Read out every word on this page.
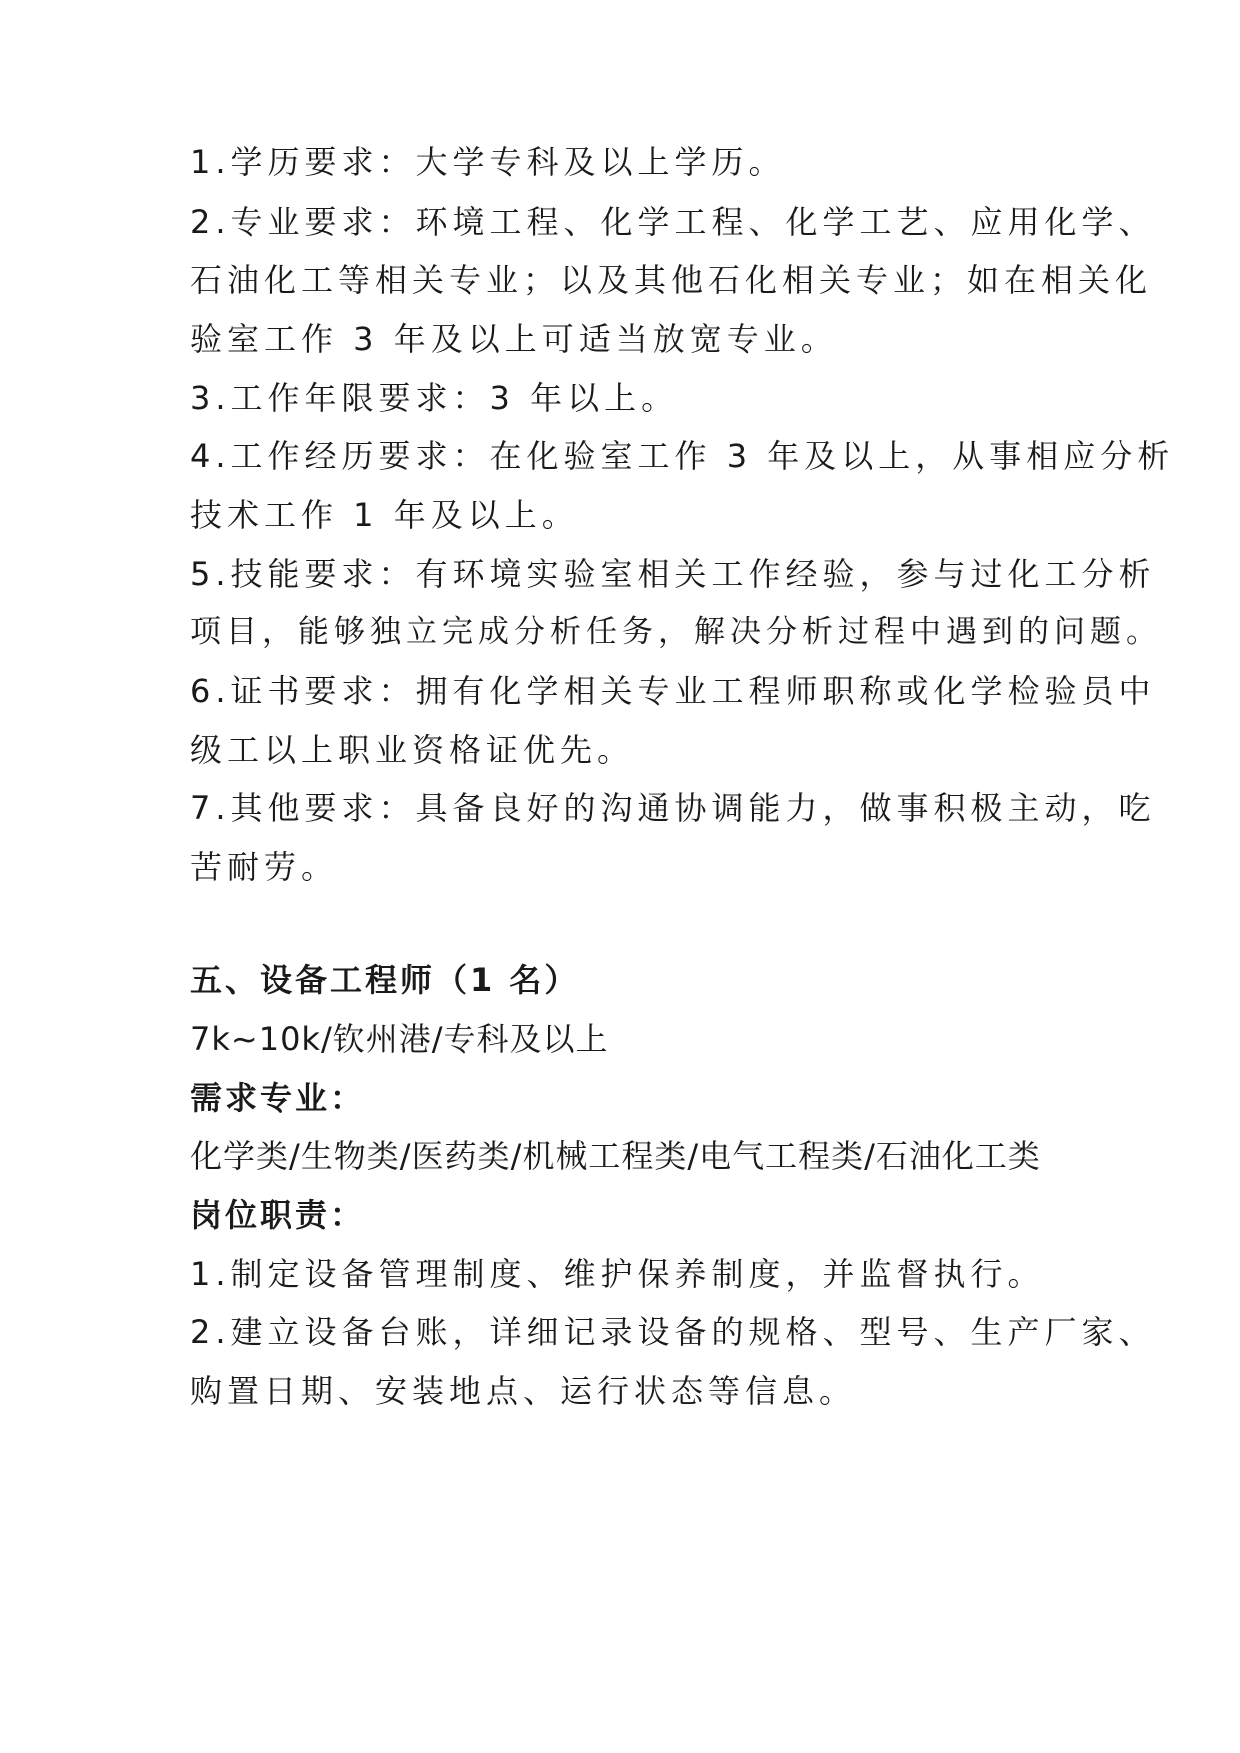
1.学历要求：大学专科及以上学历。
2.专业要求：环境工程、化学工程、化学工艺、应用化学、
石油化工等相关专业；以及其他石化相关专业；如在相关化
验室工作 3 年及以上可适当放宽专业。
3.工作年限要求：3 年以上。
4.工作经历要求：在化验室工作 3 年及以上，从事相应分析
技术工作 1 年及以上。
5.技能要求：有环境实验室相关工作经验，参与过化工分析
项目，能够独立完成分析任务，解决分析过程中遇到的问题。
6.证书要求：拥有化学相关专业工程师职称或化学检验员中
级工以上职业资格证优先。
7.其他要求：具备良好的沟通协调能力，做事积极主动，吃
苦耐劳。
五、设备工程师（1 名）
7k~10k/钦州港/专科及以上
需求专业：
化学类/生物类/医药类/机械工程类/电气工程类/石油化工类
岗位职责：
1.制定设备管理制度、维护保养制度，并监督执行。
2.建立设备台账，详细记录设备的规格、型号、生产厂家、
购置日期、安装地点、运行状态等信息。
